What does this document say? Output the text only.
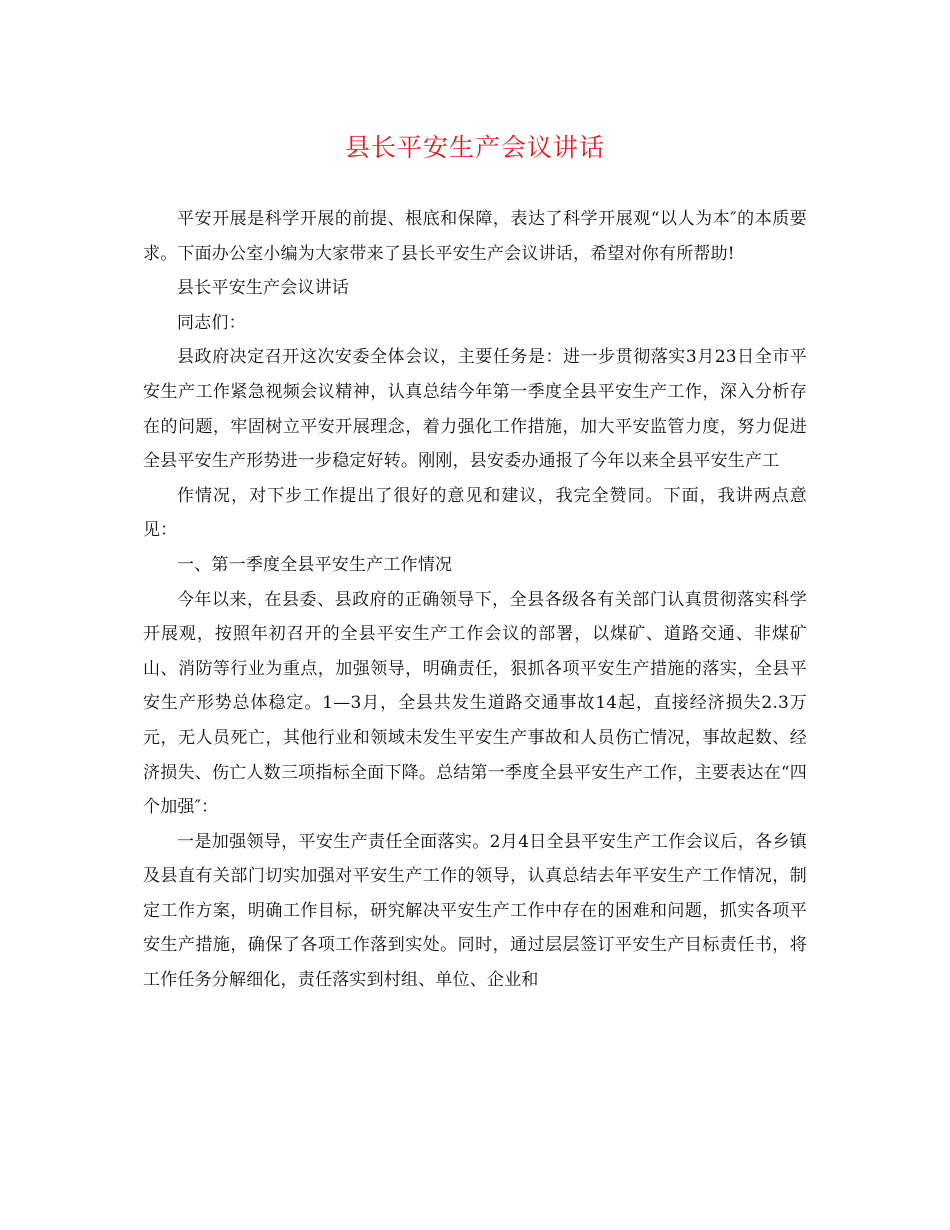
县长平安生产会议讲话

平安开展是科学开展的前提、根底和保障，表达了科学开展观“以人为本″的本质要求。下面办公室小编为大家带来了县长平安生产会议讲话，希望对你有所帮助!

县长平安生产会议讲话

同志们：

县政府决定召开这次安委全体会议，主要任务是：进一步贯彻落实3月23日全市平安生产工作紧急视频会议精神，认真总结今年第一季度全县平安生产工作，深入分析存在的问题，牢固树立平安开展理念，着力强化工作措施，加大平安监管力度，努力促进全县平安生产形势进一步稳定好转。刚刚，县安委办通报了今年以来全县平安生产工

作情况，对下步工作提出了很好的意见和建议，我完全赞同。下面，我讲两点意见：

一、第一季度全县平安生产工作情况

今年以来，在县委、县政府的正确领导下，全县各级各有关部门认真贯彻落实科学开展观，按照年初召开的全县平安生产工作会议的部署，以煤矿、道路交通、非煤矿山、消防等行业为重点，加强领导，明确责任，狠抓各项平安生产措施的落实，全县平安生产形势总体稳定。1—3月，全县共发生道路交通事故14起，直接经济损失2.3万元，无人员死亡，其他行业和领域未发生平安生产事故和人员伤亡情况，事故起数、经济损失、伤亡人数三项指标全面下降。总结第一季度全县平安生产工作，主要表达在“四个加强″：

一是加强领导，平安生产责任全面落实。2月4日全县平安生产工作会议后，各乡镇及县直有关部门切实加强对平安生产工作的领导，认真总结去年平安生产工作情况，制定工作方案，明确工作目标，研究解决平安生产工作中存在的困难和问题，抓实各项平安生产措施，确保了各项工作落到实处。同时，通过层层签订平安生产目标责任书，将工作任务分解细化，责任落实到村组、单位、企业和
